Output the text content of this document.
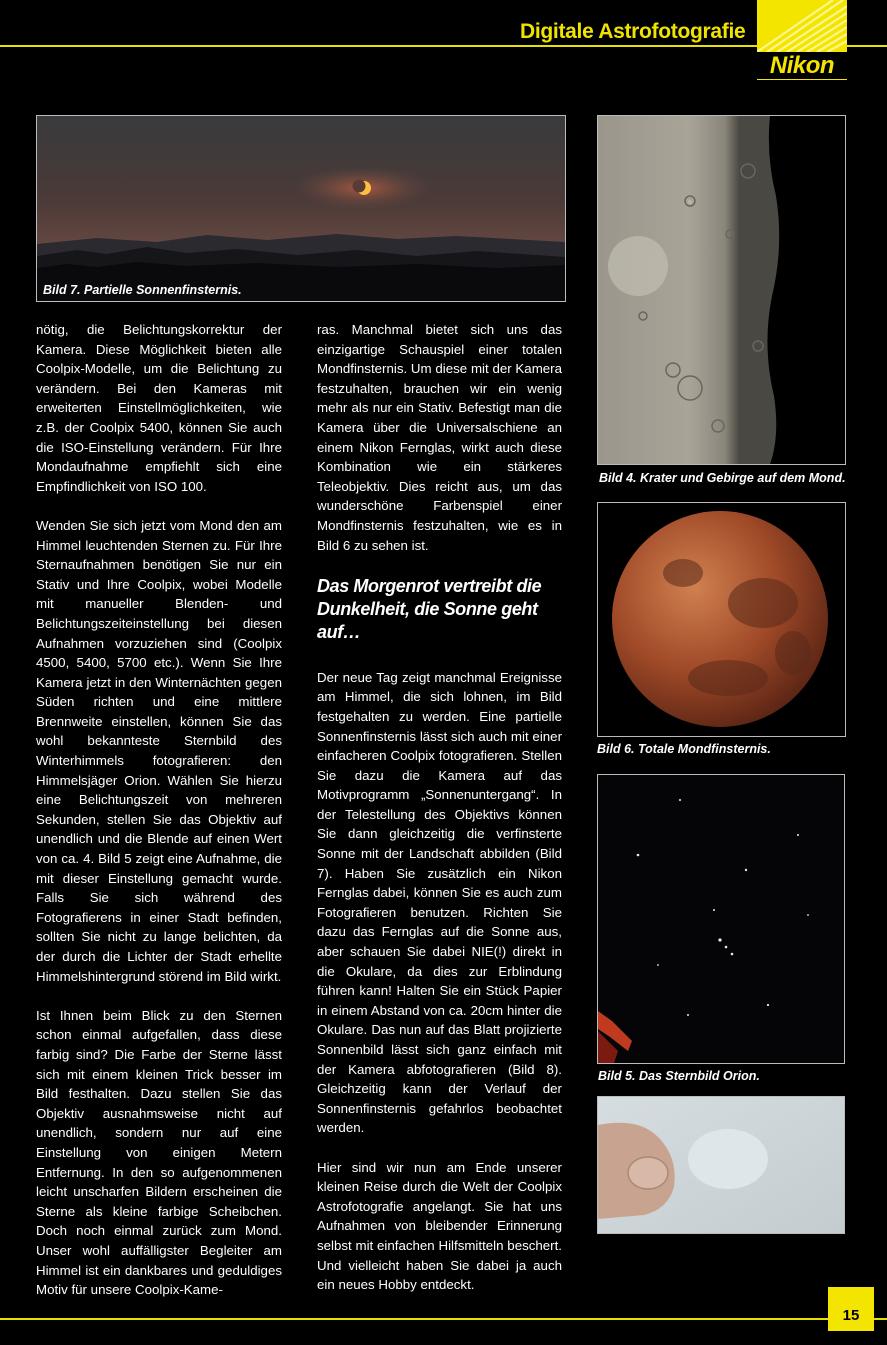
Digitale Astrofotografie
Nikon
Bild 7. Partielle Sonnenfinsternis.
Bild 4. Krater und Gebirge auf dem Mond.
Bild 6. Totale Mondfinsternis.
Bild 5. Das Sternbild Orion.

nötig, die Belichtungskorrektur der Kamera. Diese Möglichkeit bieten alle Coolpix-Modelle, um die Belichtung zu verändern. Bei den Kameras mit erweiterten Einstellmöglichkeiten, wie z.B. der Coolpix 5400, können Sie auch die ISO-Einstellung verändern. Für Ihre Mondaufnahme empfiehlt sich eine Empfindlichkeit von ISO 100.

Wenden Sie sich jetzt vom Mond den am Himmel leuchtenden Sternen zu. Für Ihre Sternaufnahmen benötigen Sie nur ein Stativ und Ihre Coolpix, wobei Modelle mit manueller Blenden- und Belichtungszeiteinstellung bei diesen Aufnahmen vorzuziehen sind (Coolpix 4500, 5400, 5700 etc.). Wenn Sie Ihre Kamera jetzt in den Winternächten gegen Süden richten und eine mittlere Brennweite einstellen, können Sie das wohl bekannteste Sternbild des Winterhimmels fotografieren: den Himmelsjäger Orion. Wählen Sie hierzu eine Belichtungszeit von mehreren Sekunden, stellen Sie das Objektiv auf unendlich und die Blende auf einen Wert von ca. 4. Bild 5 zeigt eine Aufnahme, die mit dieser Einstellung gemacht wurde. Falls Sie sich während des Fotografierens in einer Stadt befinden, sollten Sie nicht zu lange belichten, da der durch die Lichter der Stadt erhellte Himmelshintergrund störend im Bild wirkt.

Ist Ihnen beim Blick zu den Sternen schon einmal aufgefallen, dass diese farbig sind? Die Farbe der Sterne lässt sich mit einem kleinen Trick besser im Bild festhalten. Dazu stellen Sie das Objektiv ausnahmsweise nicht auf unendlich, sondern nur auf eine Einstellung von einigen Metern Entfernung. In den so aufgenommenen leicht unscharfen Bildern erscheinen die Sterne als kleine farbige Scheibchen. Doch noch einmal zurück zum Mond. Unser wohl auffälligster Begleiter am Himmel ist ein dankbares und geduldiges Motiv für unsere Coolpix-Kame-

ras. Manchmal bietet sich uns das einzigartige Schauspiel einer totalen Mondfinsternis. Um diese mit der Kamera festzuhalten, brauchen wir ein wenig mehr als nur ein Stativ. Befestigt man die Kamera über die Universalschiene an einem Nikon Fernglas, wirkt auch diese Kombination wie ein stärkeres Teleobjektiv. Dies reicht aus, um das wunderschöne Farbenspiel einer Mondfinsternis festzuhalten, wie es in Bild 6 zu sehen ist.

Das Morgenrot vertreibt die Dunkelheit, die Sonne geht auf…

Der neue Tag zeigt manchmal Ereignisse am Himmel, die sich lohnen, im Bild festgehalten zu werden. Eine partielle Sonnenfinsternis lässt sich auch mit einer einfacheren Coolpix fotografieren. Stellen Sie dazu die Kamera auf das Motivprogramm „Sonnenuntergang“. In der Telestellung des Objektivs können Sie dann gleichzeitig die verfinsterte Sonne mit der Landschaft abbilden (Bild 7). Haben Sie zusätzlich ein Nikon Fernglas dabei, können Sie es auch zum Fotografieren benutzen. Richten Sie dazu das Fernglas auf die Sonne aus, aber schauen Sie dabei NIE(!) direkt in die Okulare, da dies zur Erblindung führen kann! Halten Sie ein Stück Papier in einem Abstand von ca. 20cm hinter die Okulare. Das nun auf das Blatt projizierte Sonnenbild lässt sich ganz einfach mit der Kamera abfotografieren (Bild 8). Gleichzeitig kann der Verlauf der Sonnenfinsternis gefahrlos beobachtet werden.

Hier sind wir nun am Ende unserer kleinen Reise durch die Welt der Coolpix Astrofotografie angelangt. Sie hat uns Aufnahmen von bleibender Erinnerung selbst mit einfachen Hilfsmitteln beschert. Und vielleicht haben Sie dabei ja auch ein neues Hobby entdeckt.

15
